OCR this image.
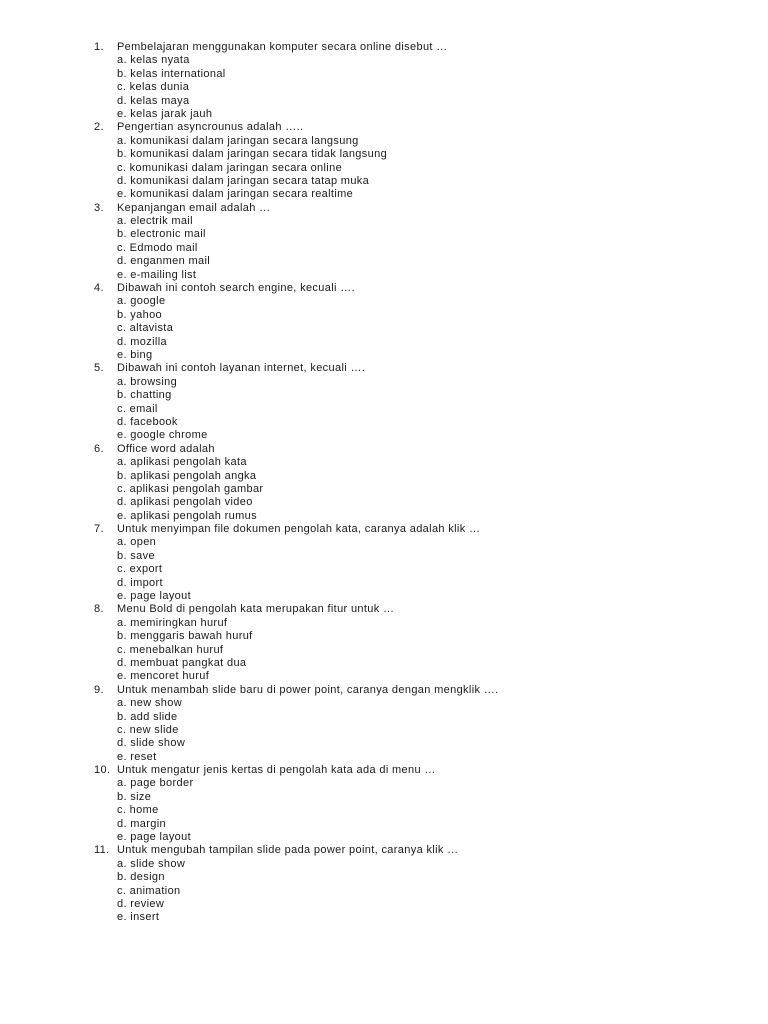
1. Pembelajaran menggunakan komputer secara online disebut …
a. kelas nyata
b. kelas international
c. kelas dunia
d. kelas maya
e. kelas jarak jauh
2. Pengertian asyncrounus adalah …..
a. komunikasi dalam jaringan secara langsung
b. komunikasi dalam jaringan secara tidak langsung
c. komunikasi dalam jaringan secara online
d. komunikasi dalam jaringan secara tatap muka
e. komunikasi dalam jaringan secara realtime
3. Kepanjangan email adalah …
a. electrik mail
b. electronic mail
c. Edmodo mail
d. enganmen mail
e. e-mailing list
4. Dibawah ini contoh search engine, kecuali ….
a. google
b. yahoo
c. altavista
d. mozilla
e. bing
5. Dibawah ini contoh layanan internet, kecuali ….
a. browsing
b. chatting
c. email
d. facebook
e. google chrome
6. Office word adalah
a. aplikasi pengolah kata
b. aplikasi pengolah angka
c. aplikasi pengolah gambar
d. aplikasi pengolah video
e. aplikasi pengolah rumus
7. Untuk menyimpan file dokumen pengolah kata, caranya adalah klik …
a. open
b. save
c. export
d. import
e. page layout
8. Menu Bold di pengolah kata merupakan fitur untuk …
a. memiringkan huruf
b. menggaris bawah huruf
c. menebalkan huruf
d. membuat pangkat dua
e. mencoret huruf
9. Untuk menambah slide baru di power point, caranya dengan mengklik ….
a. new show
b. add slide
c. new slide
d. slide show
e. reset
10. Untuk mengatur jenis kertas di pengolah kata ada di menu …
a. page border
b. size
c. home
d. margin
e. page layout
11. Untuk mengubah tampilan slide pada power point, caranya klik …
a. slide show
b. design
c. animation
d. review
e. insert
